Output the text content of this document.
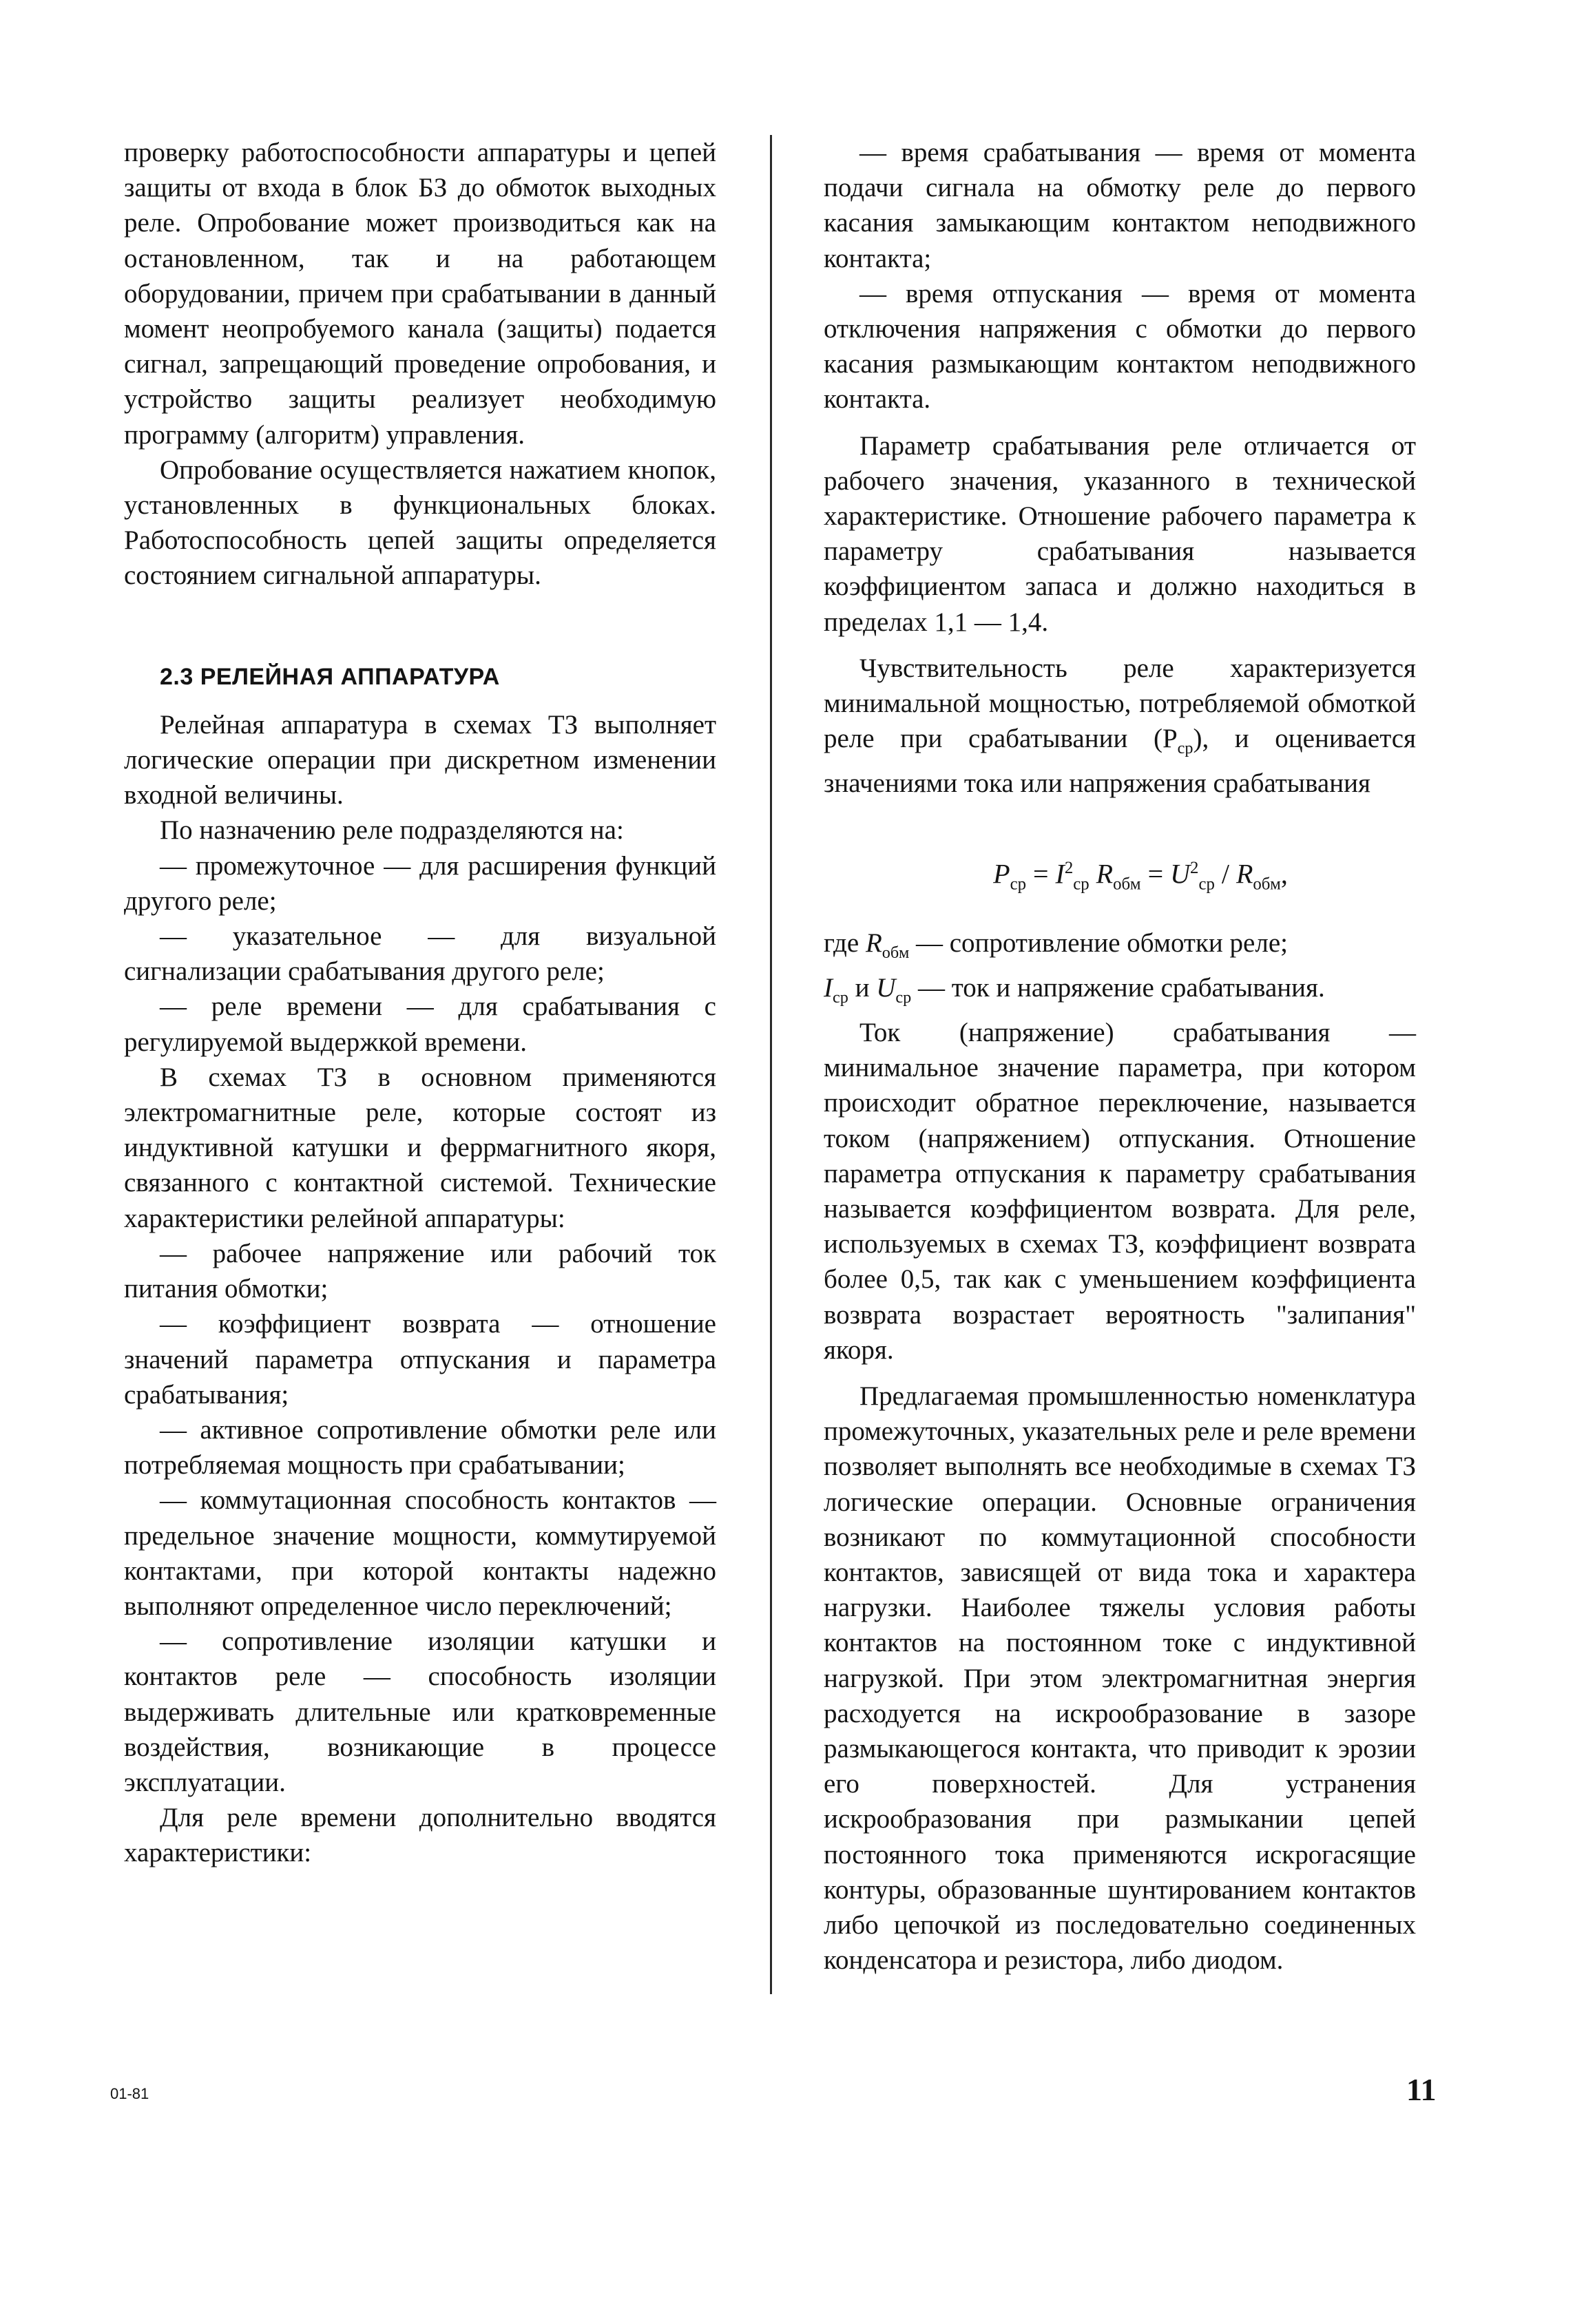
проверку работоспособности аппаратуры и цепей защиты от входа в блок БЗ до обмоток выходных реле. Опробование может производиться как на остановленном, так и на работающем оборудовании, причем при срабатывании в данный момент неопробуемого канала (защиты) подается сигнал, запрещающий проведение опробования, и устройство защиты реализует необходимую программу (алгоритм) управления.

Опробование осуществляется нажатием кнопок, установленных в функциональных блоках. Работоспособность цепей защиты определяется состоянием сигнальной аппаратуры.

2.3 РЕЛЕЙНАЯ АППАРАТУРА

Релейная аппаратура в схемах ТЗ выполняет логические операции при дискретном изменении входной величины.

По назначению реле подразделяются на:

— промежуточное — для расширения функций другого реле;

— указательное — для визуальной сигнализации срабатывания другого реле;

— реле времени — для срабатывания с регулируемой выдержкой времени.

В схемах ТЗ в основном применяются электромагнитные реле, которые состоят из индуктивной катушки и феррмагнитного якоря, связанного с контактной системой. Технические характеристики релейной аппаратуры:

— рабочее напряжение или рабочий ток питания обмотки;

— коэффициент возврата — отношение значений параметра отпускания и параметра срабатывания;

— активное сопротивление обмотки реле или потребляемая мощность при срабатывании;

— коммутационная способность контактов — предельное значение мощности, коммутируемой контактами, при которой контакты надежно выполняют определенное число переключений;

— сопротивление изоляции катушки и контактов реле — способность изоляции выдерживать длительные или кратковременные воздействия, возникающие в процессе эксплуатации.

Для реле времени дополнительно вводятся характеристики:

— время срабатывания — время от момента подачи сигнала на обмотку реле до первого касания замыкающим контактом неподвижного контакта;

— время отпускания — время от момента отключения напряжения с обмотки до первого касания размыкающим контактом неподвижного контакта.

Параметр срабатывания реле отличается от рабочего значения, указанного в технической характеристике. Отношение рабочего параметра к параметру срабатывания называется коэффициентом запаса и должно находиться в пределах 1,1 — 1,4.

Чувствительность реле характеризуется минимальной мощностью, потребляемой обмоткой реле при срабатывании $(P_{ср})$, и оценивается значениями тока или напряжения срабатывания

$P_{ср} = I^2_{ср}$ $R_{обм} = U^2_{ср} / R_{обм}$,

где $R_{обм}$ — сопротивление обмотки реле;

$I_{ср}$ и $U_{ср}$ — ток и напряжение срабатывания.

Ток (напряжение) срабатывания — минимальное значение параметра, при котором происходит обратное переключение, называется током (напряжением) отпускания. Отношение параметра отпускания к параметру срабатывания называется коэффициентом возврата. Для реле, используемых в схемах ТЗ, коэффициент возврата более 0,5, так как с уменьшением коэффициента возврата возрастает вероятность "залипания" якоря.

Предлагаемая промышленностью номенклатура промежуточных, указательных реле и реле времени позволяет выполнять все необходимые в схемах ТЗ логические операции. Основные ограничения возникают по коммутационной способности контактов, зависящей от вида тока и характера нагрузки. Наиболее тяжелы условия работы контактов на постоянном токе с индуктивной нагрузкой. При этом электромагнитная энергия расходуется на искрообразование в зазоре размыкающегося контакта, что приводит к эрозии его поверхностей. Для устранения искрообразования при размыкании цепей постоянного тока применяются искрогасящие контуры, образованные шунтированием контактов либо цепочкой из последовательно соединенных конденсатора и резистора, либо диодом.

01-81	11
